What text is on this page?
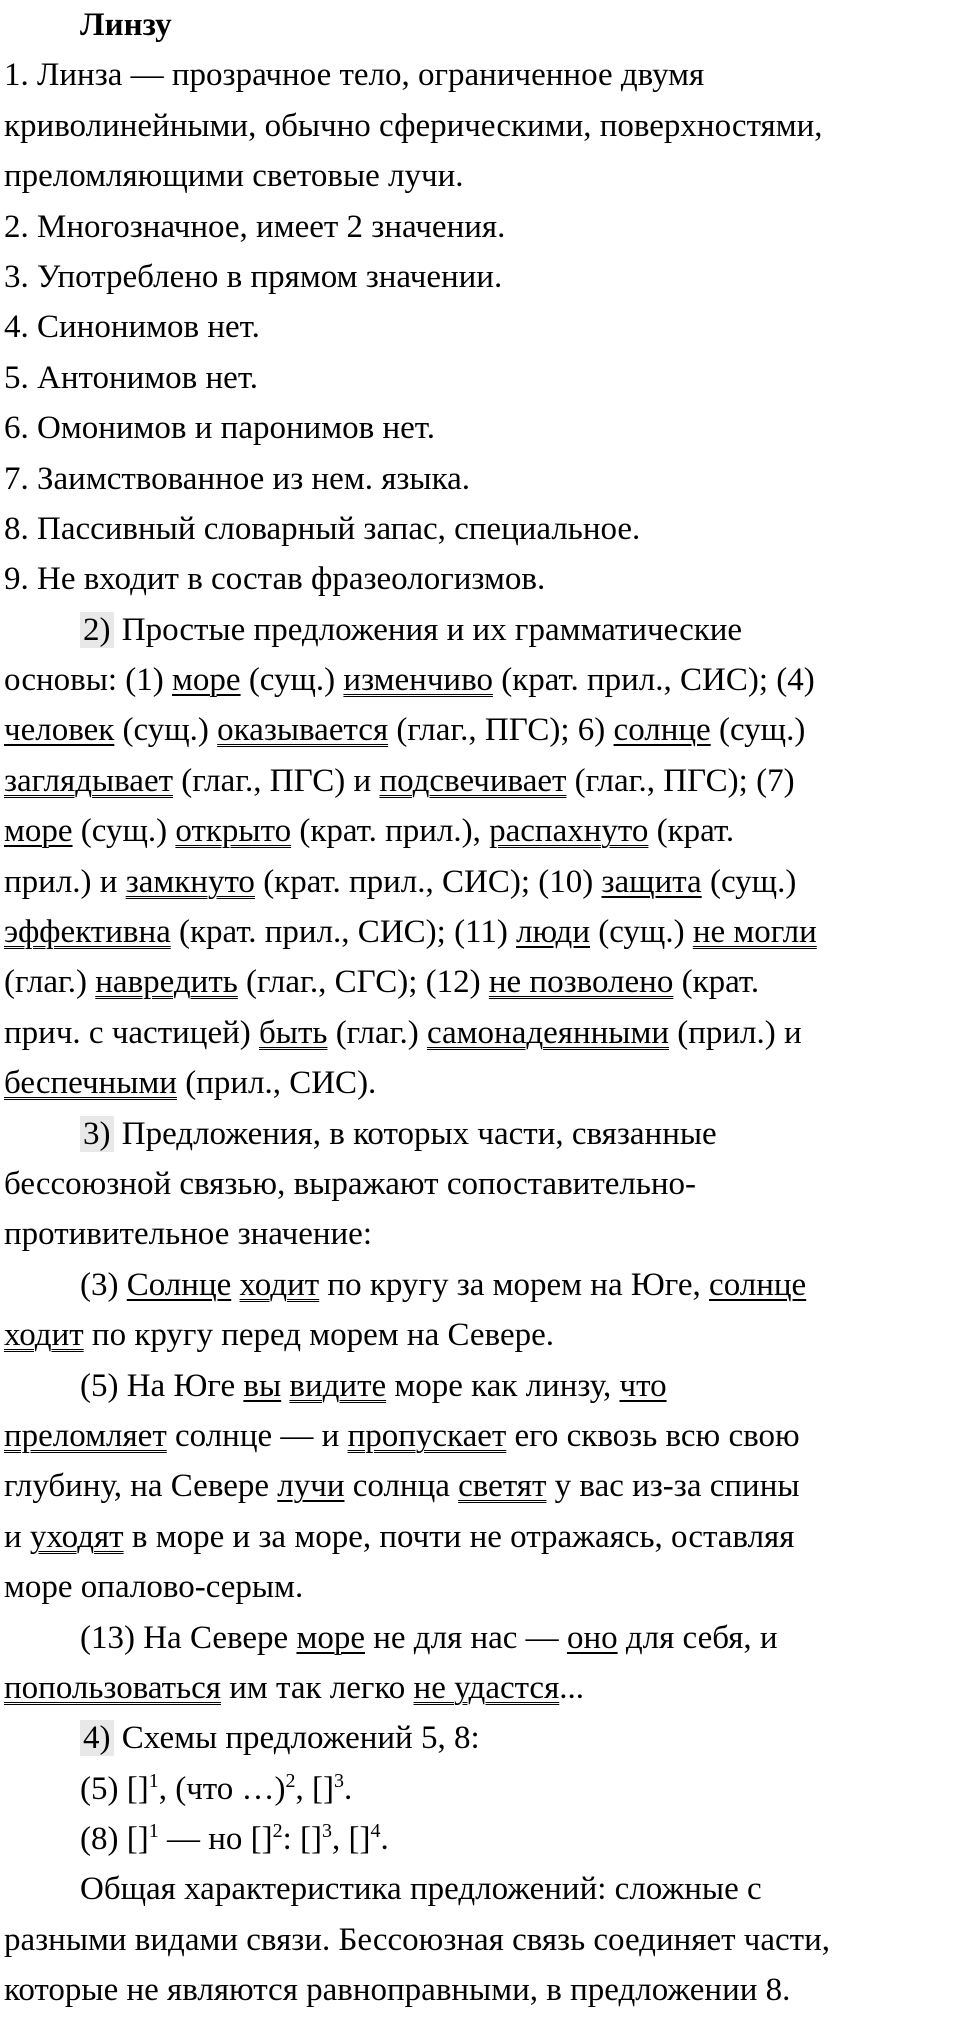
Линзу
1. Линза — прозрачное тело, ограниченное двумя
криволинейными, обычно сферическими, поверхностями,
преломляющими световые лучи.
2. Многозначное, имеет 2 значения.
3. Употреблено в прямом значении.
4. Синонимов нет.
5. Антонимов нет.
6. Омонимов и паронимов нет.
7. Заимствованное из нем. языка.
8. Пассивный словарный запас, специальное.
9. Не входит в состав фразеологизмов.
2) Простые предложения и их грамматические
основы: (1) море (сущ.) изменчиво (крат. прил., СИС); (4)
человек (сущ.) оказывается (глаг., ПГС); 6) солнце (сущ.)
заглядывает (глаг., ПГС) и подсвечивает (глаг., ПГС); (7)
море (сущ.) открыто (крат. прил.), распахнуто (крат.
прил.) и замкнуто (крат. прил., СИС); (10) защита (сущ.)
эффективна (крат. прил., СИС); (11) люди (сущ.) не могли
(глаг.) навредить (глаг., СГС); (12) не позволено (крат.
прич. с частицей) быть (глаг.) самонадеянными (прил.) и
беспечными (прил., СИС).
3) Предложения, в которых части, связанные
бессоюзной связью, выражают сопоставительно-
противительное значение:
(3) Солнце ходит по кругу за морем на Юге, солнце
ходит по кругу перед морем на Севере.
(5) На Юге вы видите море как линзу, что
преломляет солнце — и пропускает его сквозь всю свою
глубину, на Севере лучи солнца светят у вас из-за спины
и уходят в море и за море, почти не отражаясь, оставляя
море опалово-серым.
(13) На Севере море не для нас — оно для себя, и
попользоваться им так легко не удастся...
4) Схемы предложений 5, 8:
(5) []$^1$, (что …)$^2$, []$^3$.
(8) []$^1$ — но []$^2$: []$^3$, []$^4$.
Общая характеристика предложений: сложные с
разными видами связи. Бессоюзная связь соединяет части,
которые не являются равноправными, в предложении 8.
